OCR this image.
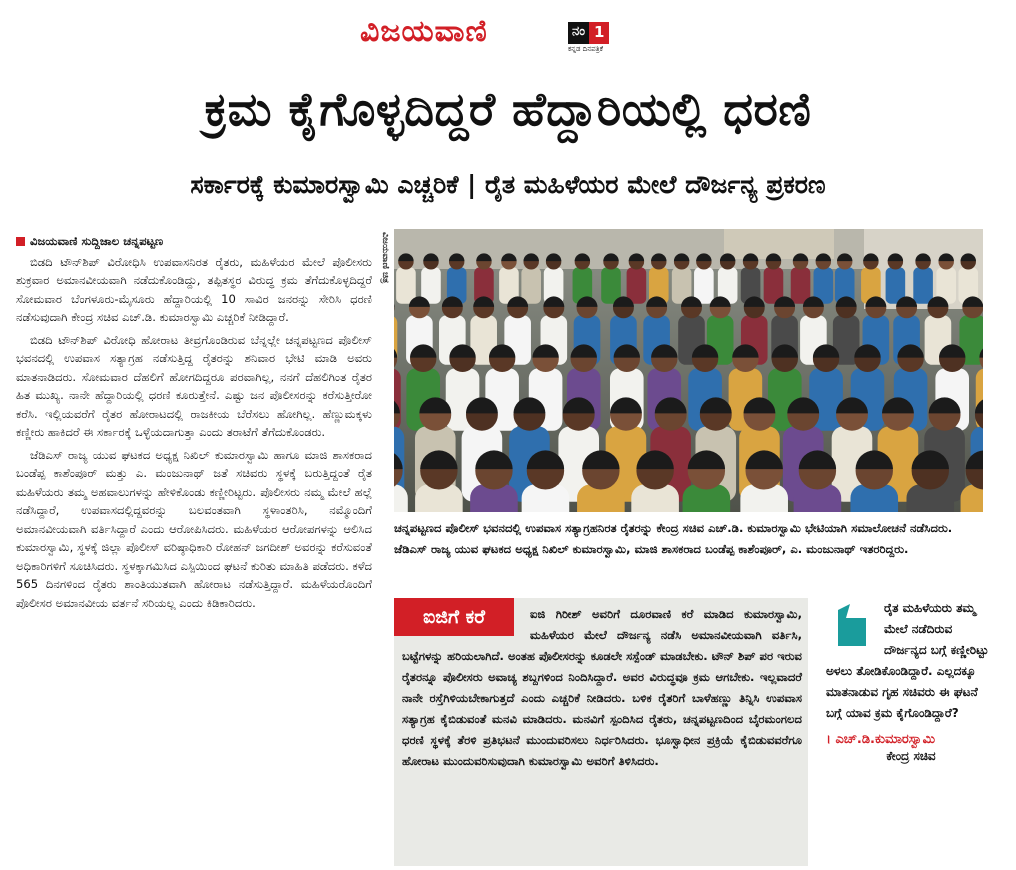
ವಿಜಯವಾಣಿ	ನಂ 1
ಕನ್ನಡ ದಿನಪತ್ರಿಕೆ
ಕ್ರಮ ಕೈಗೊಳ್ಳದಿದ್ದರೆ ಹೆದ್ದಾರಿಯಲ್ಲಿ ಧರಣಿ
ಸರ್ಕಾರಕ್ಕೆ ಕುಮಾರಸ್ವಾಮಿ ಎಚ್ಚರಿಕೆ | ರೈತ ಮಹಿಳೆಯರ ಮೇಲೆ ದೌರ್ಜನ್ಯ ಪ್ರಕರಣ
ವಿಜಯವಾಣಿ ಸುದ್ದಿಜಾಲ ಚನ್ನಪಟ್ಟಣ

ಬಿಡದಿ ಟೌನ್‌ಶಿಪ್ ವಿರೋಧಿಸಿ ಉಪವಾಸನಿರತ ರೈತರು, ಮಹಿಳೆಯರ ಮೇಲೆ ಪೊಲೀಸರು ಶುಕ್ರವಾರ ಅಮಾನವೀಯವಾಗಿ ನಡೆದುಕೊಂಡಿದ್ದು, ತಪ್ಪಿತಸ್ಥರ ವಿರುದ್ಧ ಕ್ರಮ ತೆಗೆದುಕೊಳ್ಳದಿದ್ದರೆ ಸೋಮವಾರ ಬೆಂಗಳೂರು-ಮೈಸೂರು ಹೆದ್ದಾರಿಯಲ್ಲಿ 10 ಸಾವಿರ ಜನರನ್ನು ಸೇರಿಸಿ ಧರಣಿ ನಡೆಸುವುದಾಗಿ ಕೇಂದ್ರ ಸಚಿವ ಎಚ್.ಡಿ. ಕುಮಾರಸ್ವಾಮಿ ಎಚ್ಚರಿಕೆ ನೀಡಿದ್ದಾರೆ.

ಬಿಡದಿ ಟೌನ್‌ಶಿಪ್ ವಿರೋಧಿ ಹೋರಾಟ ತೀವ್ರಗೊಂಡಿರುವ ಬೆನ್ನಲ್ಲೇ ಚನ್ನಪಟ್ಟಣದ ಪೊಲೀಸ್ ಭವನದಲ್ಲಿ ಉಪವಾಸ ಸತ್ಯಾಗ್ರಹ ನಡೆಸುತ್ತಿದ್ದ ರೈತರನ್ನು ಶನಿವಾರ ಭೇಟಿ ಮಾಡಿ ಅವರು ಮಾತನಾಡಿದರು. ಸೋಮವಾರ ದೆಹಲಿಗೆ ಹೋಗದಿದ್ದರೂ ಪರವಾಗಿಲ್ಲ, ನನಗೆ ದೆಹಲಿಗಿಂತ ರೈತರ ಹಿತ ಮುಖ್ಯ. ನಾನೇ ಹೆದ್ದಾರಿಯಲ್ಲಿ ಧರಣಿ ಕೂರುತ್ತೇನೆ. ಎಷ್ಟು ಜನ ಪೊಲೀಸರನ್ನು ಕರೆಸುತ್ತೀರೋ ಕರೆಸಿ. ಇಲ್ಲಿಯವರೆಗೆ ರೈತರ ಹೋರಾಟದಲ್ಲಿ ರಾಜಕೀಯ ಬೆರೆಸಲು ಹೋಗಿಲ್ಲ. ಹೆಣ್ಣುಮಕ್ಕಳು ಕಣ್ಣೀರು ಹಾಕಿದರೆ ಈ ಸರ್ಕಾರಕ್ಕೆ ಒಳ್ಳೆಯದಾಗುತ್ತಾ ಎಂದು ತರಾಟೆಗೆ ತೆಗೆದುಕೊಂಡರು.

ಜೆಡಿಎಸ್ ರಾಜ್ಯ ಯುವ ಘಟಕದ ಅಧ್ಯಕ್ಷ ನಿಖಿಲ್ ಕುಮಾರಸ್ವಾಮಿ ಹಾಗೂ ಮಾಜಿ ಶಾಸಕರಾದ ಬಂಡೆಪ್ಪ ಕಾಶೆಂಪೂರ್ ಮತ್ತು ಎ. ಮಂಜುನಾಥ್ ಜತೆ ಸಚಿವರು ಸ್ಥಳಕ್ಕೆ ಬರುತ್ತಿದ್ದಂತೆ ರೈತ ಮಹಿಳೆಯರು ತಮ್ಮ ಅಹವಾಲುಗಳನ್ನು ಹೇಳಿಕೊಂಡು ಕಣ್ಣೀರಿಟ್ಟರು. ಪೊಲೀಸರು ನಮ್ಮ ಮೇಲೆ ಹಲ್ಲೆ ನಡೆಸಿದ್ದಾರೆ, ಉಪವಾಸದಲ್ಲಿದ್ದವರನ್ನು ಬಲವಂತವಾಗಿ ಸ್ಥಳಾಂತರಿಸಿ, ನಮ್ಮೊಂದಿಗೆ ಅಮಾನವೀಯವಾಗಿ ವರ್ತಿಸಿದ್ದಾರೆ ಎಂದು ಆರೋಪಿಸಿದರು. ಮಹಿಳೆಯರ ಆರೋಪಗಳನ್ನು ಆಲಿಸಿದ ಕುಮಾರಸ್ವಾಮಿ, ಸ್ಥಳಕ್ಕೆ ಜಿಲ್ಲಾ ಪೊಲೀಸ್ ವರಿಷ್ಠಾಧಿಕಾರಿ ರೋಹನ್ ಜಗದೀಶ್ ಅವರನ್ನು ಕರೆಸುವಂತೆ ಅಧಿಕಾರಿಗಳಿಗೆ ಸೂಚಿಸಿದರು. ಸ್ಥಳಕ್ಕಾಗಮಿಸಿದ ಎಸ್ಪಿಯಿಂದ ಘಟನೆ ಕುರಿತು ಮಾಹಿತಿ ಪಡೆದರು. ಕಳೆದ 565 ದಿನಗಳಿಂದ ರೈತರು ಶಾಂತಿಯುತವಾಗಿ ಹೋರಾಟ ನಡೆಸುತ್ತಿದ್ದಾರೆ. ಮಹಿಳೆಯರೊಂದಿಗೆ ಪೊಲೀಸರ ಅಮಾನವೀಯ ವರ್ತನೆ ಸರಿಯಲ್ಲ ಎಂದು ಕಿಡಿಕಾರಿದರು.

ವಿಜಯವಾಣಿ ಚಿತ್ರ
ಚನ್ನಪಟ್ಟಣದ ಪೊಲೀಸ್ ಭವನದಲ್ಲಿ ಉಪವಾಸ ಸತ್ಯಾಗ್ರಹನಿರತ ರೈತರನ್ನು ಕೇಂದ್ರ ಸಚಿವ ಎಚ್.ಡಿ. ಕುಮಾರಸ್ವಾಮಿ ಭೇಟಿಯಾಗಿ ಸಮಾಲೋಚನೆ ನಡೆಸಿದರು. ಜೆಡಿಎಸ್ ರಾಜ್ಯ ಯುವ ಘಟಕದ ಅಧ್ಯಕ್ಷ ನಿಖಿಲ್ ಕುಮಾರಸ್ವಾಮಿ, ಮಾಜಿ ಶಾಸಕರಾದ ಬಂಡೆಪ್ಪ ಕಾಶೆಂಪೂರ್, ಎ. ಮಂಜುನಾಥ್ ಇತರರಿದ್ದರು.
ಐಜಿ ಗಿರೀಶ್ ಅವರಿಗೆ ದೂರವಾಣಿ ಕರೆ ಮಾಡಿದ ಕುಮಾರಸ್ವಾಮಿ, ಮಹಿಳೆಯರ ಮೇಲೆ ದೌರ್ಜನ್ಯ ನಡೆಸಿ ಅಮಾನವೀಯವಾಗಿ ವರ್ತಿಸಿ, ಬಟ್ಟೆಗಳನ್ನು ಹರಿಯಲಾಗಿದೆ. ಅಂತಹ ಪೊಲೀಸರನ್ನು ಕೂಡಲೇ ಸಸ್ಪೆಂಡ್ ಮಾಡಬೇಕು. ಟೌನ್ ಶಿಪ್ ಪರ ಇರುವ ರೈತರನ್ನೂ ಪೊಲೀಸರು ಅವಾಚ್ಯ ಶಬ್ದಗಳಿಂದ ನಿಂದಿಸಿದ್ದಾರೆ. ಅವರ ವಿರುದ್ಧವೂ ಕ್ರಮ ಆಗಬೇಕು. ಇಲ್ಲವಾದರೆ ನಾನೇ ರಸ್ತೆಗಿಳಿಯಬೇಕಾಗುತ್ತದೆ ಎಂದು ಎಚ್ಚರಿಕೆ ನೀಡಿದರು. ಬಳಿಕ ರೈತರಿಗೆ ಬಾಳೆಹಣ್ಣು ತಿನ್ನಿಸಿ ಉಪವಾಸ ಸತ್ಯಾಗ್ರಹ ಕೈಬಿಡುವಂತೆ ಮನವಿ ಮಾಡಿದರು. ಮನವಿಗೆ ಸ್ಪಂದಿಸಿದ ರೈತರು, ಚನ್ನಪಟ್ಟಣದಿಂದ ಬೈರಮಂಗಲದ ಧರಣಿ ಸ್ಥಳಕ್ಕೆ ತೆರಳಿ ಪ್ರತಿಭಟನೆ ಮುಂದುವರಿಸಲು ನಿರ್ಧರಿಸಿದರು. ಭೂಸ್ವಾಧೀನ ಪ್ರಕ್ರಿಯೆ ಕೈಬಿಡುವವರೆಗೂ ಹೋರಾಟ ಮುಂದುವರಿಸುವುದಾಗಿ ಕುಮಾರಸ್ವಾಮಿ ಅವರಿಗೆ ತಿಳಿಸಿದರು.
ಐಜಿಗೆ ಕರೆ	ರೈತ ಮಹಿಳೆಯರು ತಮ್ಮ ಮೇಲೆ ನಡೆದಿರುವ ದೌರ್ಜನ್ಯದ ಬಗ್ಗೆ ಕಣ್ಣೀರಿಟ್ಟು ಅಳಲು ತೋಡಿಕೊಂಡಿದ್ದಾರೆ. ಎಲ್ಲದಕ್ಕೂ ಮಾತನಾಡುವ ಗೃಹ ಸಚಿವರು ಈ ಘಟನೆ ಬಗ್ಗೆ ಯಾವ ಕ್ರಮ ಕೈಗೊಂಡಿದ್ದಾರೆ?
। ಎಚ್.ಡಿ.ಕುಮಾರಸ್ವಾಮಿ
ಕೇಂದ್ರ ಸಚಿವ
